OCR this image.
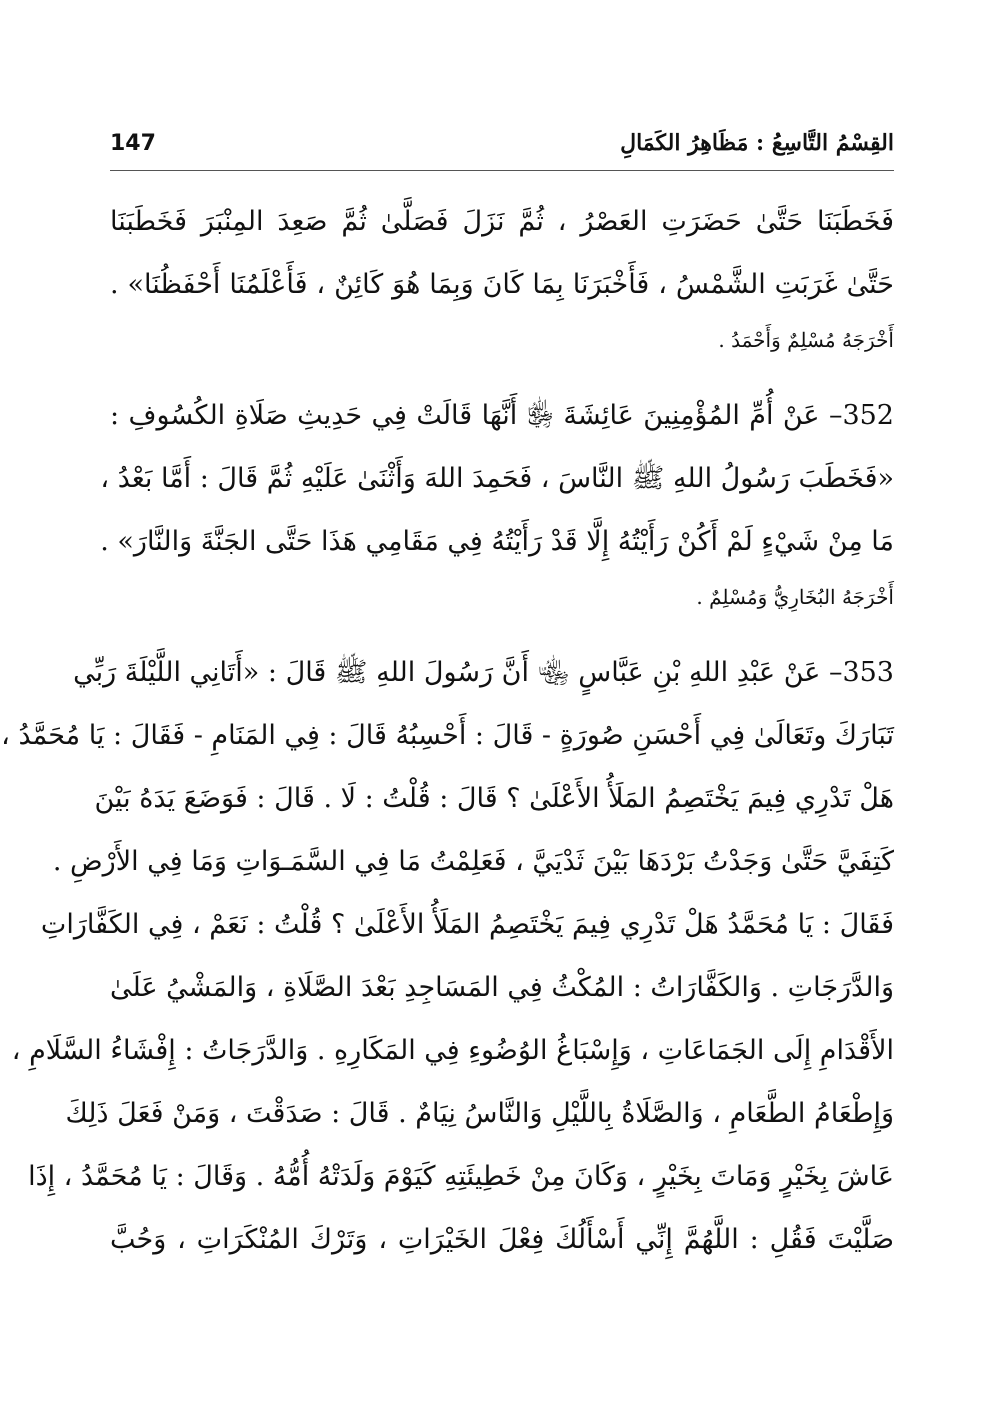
القِسْمُ التَّاسِعُ : مَظَاهِرُ الكَمَالِ
147
فَخَطَبَنَا حَتَّىٰ حَضَرَتِ العَصْرُ ، ثُمَّ نَزَلَ فَصَلَّىٰ ثُمَّ صَعِدَ المِنْبَرَ فَخَطَبَنَا
حَتَّىٰ غَرَبَتِ الشَّمْسُ ، فَأَخْبَرَنَا بِمَا كَانَ وَبِمَا هُوَ كَائِنٌ ، فَأَعْلَمُنَا أَحْفَظُنَا» .
أَخْرَجَهُ مُسْلِمٌ وَأَحْمَدُ .
352– عَنْ أُمِّ المُؤْمِنِينَ عَائِشَةَ ﵂ أَنَّهَا قَالَتْ فِي حَدِيثِ صَلَاةِ الكُسُوفِ :
«فَخَطَبَ رَسُولُ اللهِ ﷺ النَّاسَ ، فَحَمِدَ اللهَ وَأَثْنَىٰ عَلَيْهِ ثُمَّ قَالَ : أَمَّا بَعْدُ ،
مَا مِنْ شَيْءٍ لَمْ أَكُنْ رَأَيْتُهُ إِلَّا قَدْ رَأَيْتُهُ فِي مَقَامِي هَذَا حَتَّى الجَنَّةَ وَالنَّارَ» .
أَخْرَجَهُ البُخَارِيُّ وَمُسْلِمٌ .
353– عَنْ عَبْدِ اللهِ بْنِ عَبَّاسٍ ﵄ أَنَّ رَسُولَ اللهِ ﷺ قَالَ : «أَتَانِي اللَّيْلَةَ رَبِّي
تَبَارَكَ وتَعَالَىٰ فِي أَحْسَنِ صُورَةٍ - قَالَ : أَحْسِبُهُ قَالَ : فِي المَنَامِ - فَقَالَ : يَا مُحَمَّدُ ،
هَلْ تَدْرِي فِيمَ يَخْتَصِمُ المَلَأُ الأَعْلَىٰ ؟ قَالَ : قُلْتُ : لَا . قَالَ : فَوَضَعَ يَدَهُ بَيْنَ
كَتِفَيَّ حَتَّىٰ وَجَدْتُ بَرْدَهَا بَيْنَ ثَدْيَيَّ ، فَعَلِمْتُ مَا فِي السَّمَـوَاتِ وَمَا فِي الأَرْضِ .
فَقَالَ : يَا مُحَمَّدُ هَلْ تَدْرِي فِيمَ يَخْتَصِمُ المَلَأُ الأَعْلَىٰ ؟ قُلْتُ : نَعَمْ ، فِي الكَفَّارَاتِ
وَالدَّرَجَاتِ . وَالكَفَّارَاتُ : المُكْثُ فِي المَسَاجِدِ بَعْدَ الصَّلَاةِ ، وَالمَشْيُ عَلَىٰ
الأَقْدَامِ إِلَى الجَمَاعَاتِ ، وَإِسْبَاغُ الوُضُوءِ فِي المَكَارِهِ . وَالدَّرَجَاتُ : إِفْشَاءُ السَّلَامِ ،
وَإِطْعَامُ الطَّعَامِ ، وَالصَّلَاةُ بِاللَّيْلِ وَالنَّاسُ نِيَامٌ . قَالَ : صَدَقْتَ ، وَمَنْ فَعَلَ ذَلِكَ
عَاشَ بِخَيْرٍ وَمَاتَ بِخَيْرٍ ، وَكَانَ مِنْ خَطِيئَتِهِ كَيَوْمَ وَلَدَتْهُ أُمُّهُ . وَقَالَ : يَا مُحَمَّدُ ، إِذَا
صَلَّيْتَ فَقُلِ : اللَّهُمَّ إِنِّي أَسْأَلُكَ فِعْلَ الخَيْرَاتِ ، وَتَرْكَ المُنْكَرَاتِ ، وَحُبَّ
